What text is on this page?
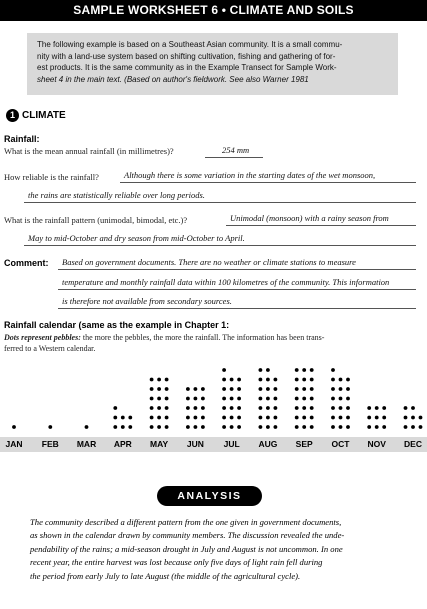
SAMPLE WORKSHEET 6 • CLIMATE AND SOILS
The following example is based on a Southeast Asian community. It is a small commu-
nity with a land-use system based on shifting cultivation, fishing and gathering of for-
est products. It is the same community as in the Example Transect for Sample Work-
sheet 4 in the main text. (Based on author's fieldwork. See also Warner 1981
1 CLIMATE
Rainfall:
What is the mean annual rainfall (in millimetres)?	254 mm
How reliable is the rainfall?	Although there is some variation in the starting dates of the wet monsoon,
the rains are statistically reliable over long periods.
What is the rainfall pattern (unimodal, bimodal, etc.)?	Unimodal (monsoon) with a rainy season from
May to mid-October and dry season from mid-October to April.
Comment: Based on government documents. There are no weather or climate stations to measure
temperature and monthly rainfall data within 100 kilometres of the community. This information
is therefore not available from secondary sources.
Rainfall calendar (same as the example in Chapter 1:
Dots represent pebbles: the more the pebbles, the more the rainfall. The information has been trans-
ferred to a Western calendar.
JAN	FEB	MAR	APR	MAY	JUN	JUL	AUG	SEP	OCT	NOV	DEC
ANALYSIS
The community described a different pattern from the one given in government documents,
as shown in the calendar drawn by community members. The discussion revealed the unde-
pendability of the rains; a mid-season drought in July and August is not uncommon. In one
recent year, the entire harvest was lost because only five days of light rain fell during
the period from early July to late August (the middle of the agricultural cycle).
